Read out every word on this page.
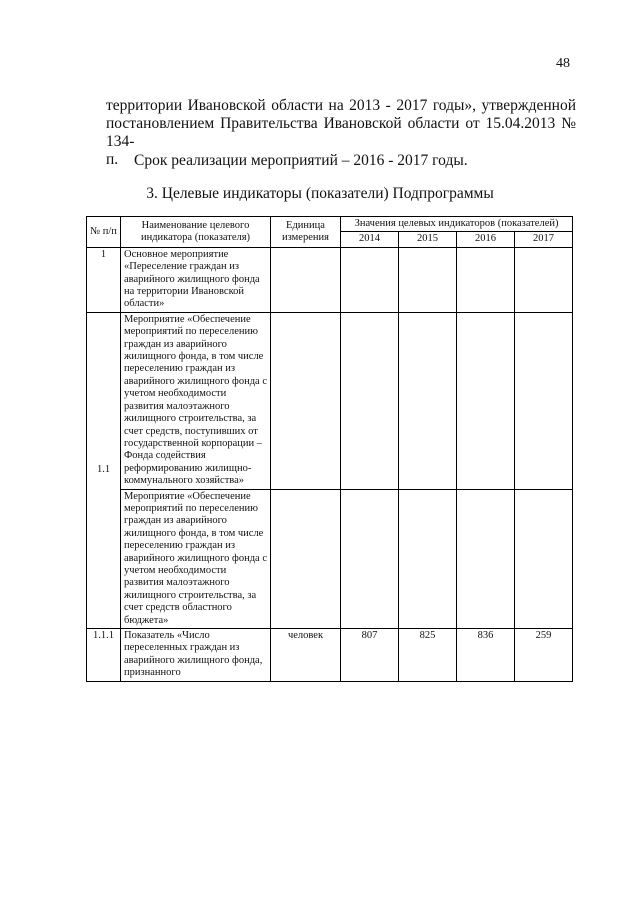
48
территории Ивановской области на 2013 - 2017 годы», утвержденной
постановлением Правительства Ивановской области от 15.04.2013 № 134-
п.	Срок реализации мероприятий – 2016 - 2017 годы.
3. Целевые индикаторы (показатели) Подпрограммы
№ п/п	Наименование целевого индикатора (показателя)	Единица измерения	Значения целевых индикаторов (показателей)			
			2014	2015	2016	2017
1	Основное мероприятие «Переселение граждан из аварийного жилищного фонда на территории Ивановской области»					
1.1	Мероприятие «Обеспечение мероприятий по переселению граждан из аварийного жилищного фонда, в том числе переселению граждан из аварийного жилищного фонда с учетом необходимости развития малоэтажного жилищного строительства, за счет средств, поступивших от государственной корпорации – Фонда содействия реформированию жилищно-коммунального хозяйства»					
	Мероприятие «Обеспечение мероприятий по переселению граждан из аварийного жилищного фонда, в том числе переселению граждан из аварийного жилищного фонда с учетом необходимости развития малоэтажного жилищного строительства, за счет средств областного бюджета»					
1.1.1	Показатель «Число переселенных граждан из аварийного жилищного фонда, признанного	человек	807	825	836	259
